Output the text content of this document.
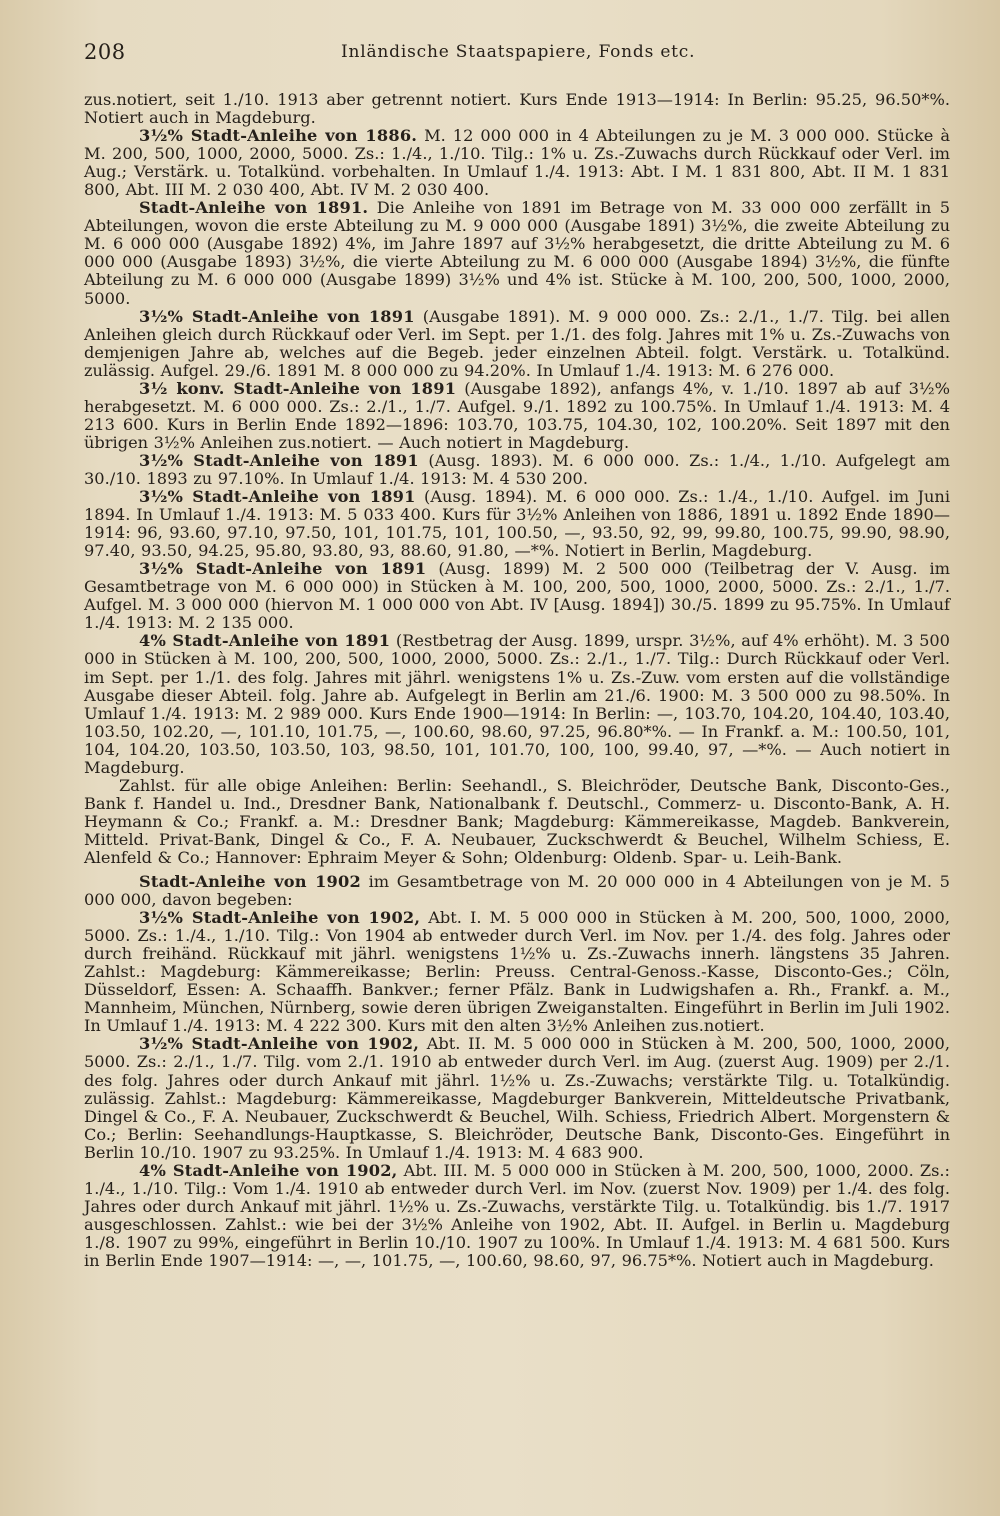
208	Inländische Staatspapiere, Fonds etc.

zus.notiert, seit 1./10. 1913 aber getrennt notiert. Kurs Ende 1913—1914: In Berlin: 95.25, 96.50*%. Notiert auch in Magdeburg.

3½% Stadt-Anleihe von 1886. M. 12 000 000 in 4 Abteilungen zu je M. 3 000 000. Stücke à M. 200, 500, 1000, 2000, 5000. Zs.: 1./4., 1./10. Tilg.: 1% u. Zs.-Zuwachs durch Rückkauf oder Verl. im Aug.; Verstärk. u. Totalkünd. vorbehalten. In Umlauf 1./4. 1913: Abt. I M. 1 831 800, Abt. II M. 1 831 800, Abt. III M. 2 030 400, Abt. IV M. 2 030 400.

Stadt-Anleihe von 1891. Die Anleihe von 1891 im Betrage von M. 33 000 000 zerfällt in 5 Abteilungen, wovon die erste Abteilung zu M. 9 000 000 (Ausgabe 1891) 3½%, die zweite Abteilung zu M. 6 000 000 (Ausgabe 1892) 4%, im Jahre 1897 auf 3½% herabgesetzt, die dritte Abteilung zu M. 6 000 000 (Ausgabe 1893) 3½%, die vierte Abteilung zu M. 6 000 000 (Ausgabe 1894) 3½%, die fünfte Abteilung zu M. 6 000 000 (Ausgabe 1899) 3½% und 4% ist. Stücke à M. 100, 200, 500, 1000, 2000, 5000.

3½% Stadt-Anleihe von 1891 (Ausgabe 1891). M. 9 000 000. Zs.: 2./1., 1./7. Tilg. bei allen Anleihen gleich durch Rückkauf oder Verl. im Sept. per 1./1. des folg. Jahres mit 1% u. Zs.-Zuwachs von demjenigen Jahre ab, welches auf die Begeb. jeder einzelnen Abteil. folgt. Verstärk. u. Totalkünd. zulässig. Aufgel. 29./6. 1891 M. 8 000 000 zu 94.20%. In Umlauf 1./4. 1913: M. 6 276 000.

3½ konv. Stadt-Anleihe von 1891 (Ausgabe 1892), anfangs 4%, v. 1./10. 1897 ab auf 3½% herabgesetzt. M. 6 000 000. Zs.: 2./1., 1./7. Aufgel. 9./1. 1892 zu 100.75%. In Umlauf 1./4. 1913: M. 4 213 600. Kurs in Berlin Ende 1892—1896: 103.70, 103.75, 104.30, 102, 100.20%. Seit 1897 mit den übrigen 3½% Anleihen zus.notiert. — Auch notiert in Magdeburg.

3½% Stadt-Anleihe von 1891 (Ausg. 1893). M. 6 000 000. Zs.: 1./4., 1./10. Aufgelegt am 30./10. 1893 zu 97.10%. In Umlauf 1./4. 1913: M. 4 530 200.

3½% Stadt-Anleihe von 1891 (Ausg. 1894). M. 6 000 000. Zs.: 1./4., 1./10. Aufgel. im Juni 1894. In Umlauf 1./4. 1913: M. 5 033 400. Kurs für 3½% Anleihen von 1886, 1891 u. 1892 Ende 1890—1914: 96, 93.60, 97.10, 97.50, 101, 101.75, 101, 100.50, —, 93.50, 92, 99, 99.80, 100.75, 99.90, 98.90, 97.40, 93.50, 94.25, 95.80, 93.80, 93, 88.60, 91.80, —*%. Notiert in Berlin, Magdeburg.

3½% Stadt-Anleihe von 1891 (Ausg. 1899) M. 2 500 000 (Teilbetrag der V. Ausg. im Gesamtbetrage von M. 6 000 000) in Stücken à M. 100, 200, 500, 1000, 2000, 5000. Zs.: 2./1., 1./7. Aufgel. M. 3 000 000 (hiervon M. 1 000 000 von Abt. IV [Ausg. 1894]) 30./5. 1899 zu 95.75%. In Umlauf 1./4. 1913: M. 2 135 000.

4% Stadt-Anleihe von 1891 (Restbetrag der Ausg. 1899, urspr. 3½%, auf 4% erhöht). M. 3 500 000 in Stücken à M. 100, 200, 500, 1000, 2000, 5000. Zs.: 2./1., 1./7. Tilg.: Durch Rückkauf oder Verl. im Sept. per 1./1. des folg. Jahres mit jährl. wenigstens 1% u. Zs.-Zuw. vom ersten auf die vollständige Ausgabe dieser Abteil. folg. Jahre ab. Aufgelegt in Berlin am 21./6. 1900: M. 3 500 000 zu 98.50%. In Umlauf 1./4. 1913: M. 2 989 000. Kurs Ende 1900—1914: In Berlin: —, 103.70, 104.20, 104.40, 103.40, 103.50, 102.20, —, 101.10, 101.75, —, 100.60, 98.60, 97.25, 96.80*%. — In Frankf. a. M.: 100.50, 101, 104, 104.20, 103.50, 103.50, 103, 98.50, 101, 101.70, 100, 100, 99.40, 97, —*%. — Auch notiert in Magdeburg.

Zahlst. für alle obige Anleihen: Berlin: Seehandl., S. Bleichröder, Deutsche Bank, Disconto-Ges., Bank f. Handel u. Ind., Dresdner Bank, Nationalbank f. Deutschl., Commerz- u. Disconto-Bank, A. H. Heymann & Co.; Frankf. a. M.: Dresdner Bank; Magdeburg: Kämmereikasse, Magdeb. Bankverein, Mitteld. Privat-Bank, Dingel & Co., F. A. Neubauer, Zuckschwerdt & Beuchel, Wilhelm Schiess, E. Alenfeld & Co.; Hannover: Ephraim Meyer & Sohn; Oldenburg: Oldenb. Spar- u. Leih-Bank.

Stadt-Anleihe von 1902 im Gesamtbetrage von M. 20 000 000 in 4 Abteilungen von je M. 5 000 000, davon begeben:

3½% Stadt-Anleihe von 1902, Abt. I. M. 5 000 000 in Stücken à M. 200, 500, 1000, 2000, 5000. Zs.: 1./4., 1./10. Tilg.: Von 1904 ab entweder durch Verl. im Nov. per 1./4. des folg. Jahres oder durch freihänd. Rückkauf mit jährl. wenigstens 1½% u. Zs.-Zuwachs innerh. längstens 35 Jahren. Zahlst.: Magdeburg: Kämmereikasse; Berlin: Preuss. Central-Genoss.-Kasse, Disconto-Ges.; Cöln, Düsseldorf, Essen: A. Schaaffh. Bankver.; ferner Pfälz. Bank in Ludwigshafen a. Rh., Frankf. a. M., Mannheim, München, Nürnberg, sowie deren übrigen Zweiganstalten. Eingeführt in Berlin im Juli 1902. In Umlauf 1./4. 1913: M. 4 222 300. Kurs mit den alten 3½% Anleihen zus.notiert.

3½% Stadt-Anleihe von 1902, Abt. II. M. 5 000 000 in Stücken à M. 200, 500, 1000, 2000, 5000. Zs.: 2./1., 1./7. Tilg. vom 2./1. 1910 ab entweder durch Verl. im Aug. (zuerst Aug. 1909) per 2./1. des folg. Jahres oder durch Ankauf mit jährl. 1½% u. Zs.-Zuwachs; verstärkte Tilg. u. Totalkündig. zulässig. Zahlst.: Magdeburg: Kämmereikasse, Magdeburger Bankverein, Mitteldeutsche Privatbank, Dingel & Co., F. A. Neubauer, Zuckschwerdt & Beuchel, Wilh. Schiess, Friedrich Albert. Morgenstern & Co.; Berlin: Seehandlungs-Hauptkasse, S. Bleichröder, Deutsche Bank, Disconto-Ges. Eingeführt in Berlin 10./10. 1907 zu 93.25%. In Umlauf 1./4. 1913: M. 4 683 900.

4% Stadt-Anleihe von 1902, Abt. III. M. 5 000 000 in Stücken à M. 200, 500, 1000, 2000. Zs.: 1./4., 1./10. Tilg.: Vom 1./4. 1910 ab entweder durch Verl. im Nov. (zuerst Nov. 1909) per 1./4. des folg. Jahres oder durch Ankauf mit jährl. 1½% u. Zs.-Zuwachs, verstärkte Tilg. u. Totalkündig. bis 1./7. 1917 ausgeschlossen. Zahlst.: wie bei der 3½% Anleihe von 1902, Abt. II. Aufgel. in Berlin u. Magdeburg 1./8. 1907 zu 99%, eingeführt in Berlin 10./10. 1907 zu 100%. In Umlauf 1./4. 1913: M. 4 681 500. Kurs in Berlin Ende 1907—1914: —, —, 101.75, —, 100.60, 98.60, 97, 96.75*%. Notiert auch in Magdeburg.
